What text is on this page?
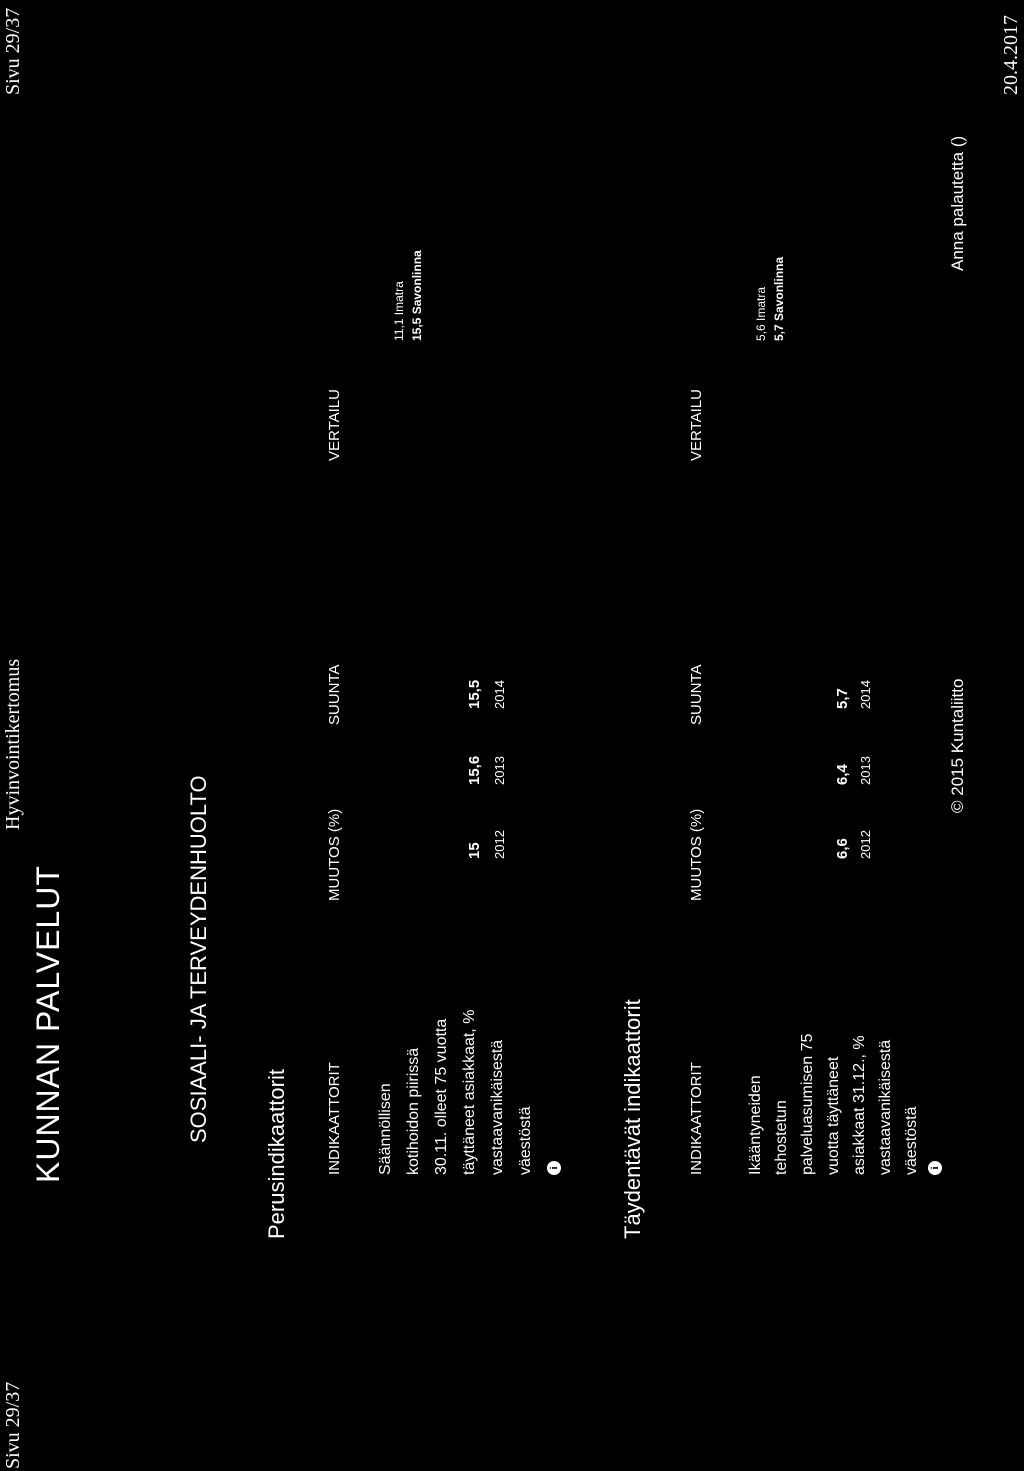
Sivu 29/37
Hyvinvointikertomus
Sivu 29/37
KUNNAN PALVELUT	SOSIAALI- JA TERVEYDENHUOLTO
Perusindikaattorit INDIKAATTORIT
MUUTOS (%)
SUUNTA
VERTAILU
Säännöllisen kotihoidon piirissä 30.11. olleet 75 vuotta täyttäneet asiakkaat, % vastaavanikäisestä väestöstä i
15
15,6
15,5
2012
2013
2014
11,1 Imatra 15,5 Savonlinna
Täydentävät indikaattorit	INDIKAATTORIT
MUUTOS (%)
SUUNTA
VERTAILU
Ikääntyneiden tehostetun palveluasumisen 75 vuotta täyttäneet asiakkaat 31.12., % vastaavanikäisestä väestöstä i
6,6
6,4
5,7
2012
2013
2014
5,6 Imatra 5,7 Savonlinna
© 2015 Kuntaliitto
Anna palautetta ()
20.4.2017
